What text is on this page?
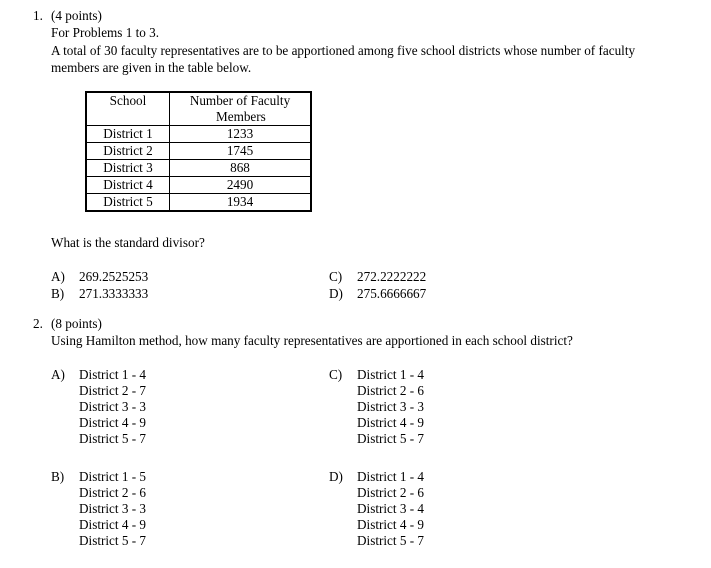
1. (4 points)
For Problems 1 to 3.
A total of 30 faculty representatives are to be apportioned among five school districts whose number of faculty
members are given in the table below.
School	Number of Faculty
Members

District 1	1233
District 2	1745
District 3	868
District 4	2490
District 5	1934
What is the standard divisor?
A) 269.2525253
B) 271.3333333
C) 272.2222222
D) 275.6666667
2. (8 points)
Using Hamilton method, how many faculty representatives are apportioned in each school district?
A) District 1 - 4
District 2 - 7
District 3 - 3
District 4 - 9
District 5 - 7
C) District 1 - 4
District 2 - 6
District 3 - 3
District 4 - 9
District 5 - 7
B) District 1 - 5
District 2 - 6
District 3 - 3
District 4 - 9
District 5 - 7
D) District 1 - 4
District 2 - 6
District 3 - 4
District 4 - 9
District 5 - 7
